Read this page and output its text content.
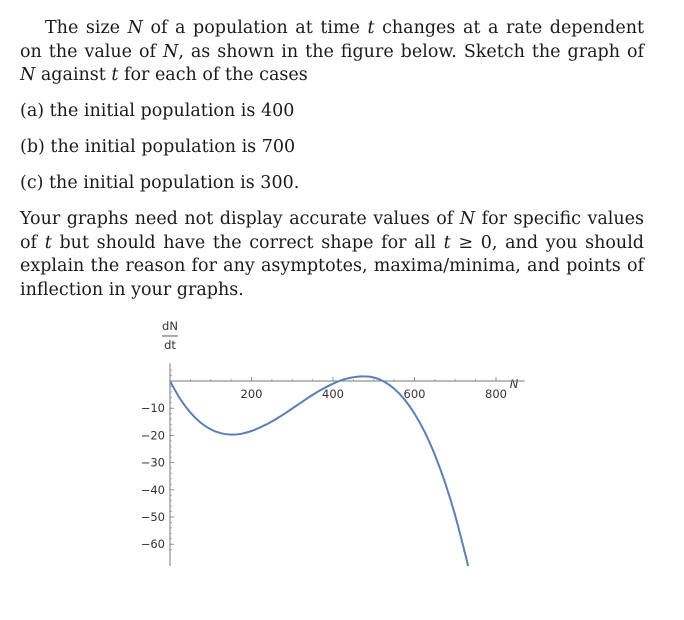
The size N of a population at time t changes at a rate dependent on the value of N, as shown in the figure below. Sketch the graph of N against t for each of the cases

(a) the initial population is 400

(b) the initial population is 700

(c) the initial population is 300.

Your graphs need not display accurate values of N for specific values of t but should have the correct shape for all t ≥ 0, and you should explain the reason for any asymptotes, maxima/minima, and points of inflection in your graphs.

dN
dt
N
200	400	600	800
−10
−20
−30
−40
−50
−60
